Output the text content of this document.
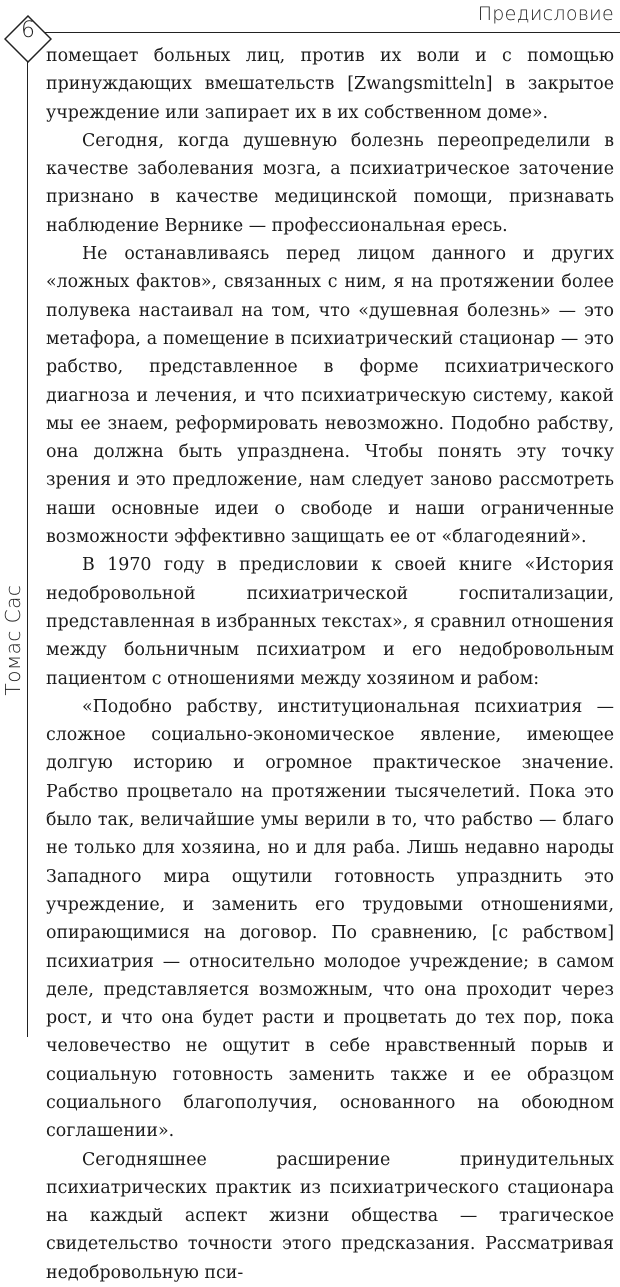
Предисловие
6
Томас Сас

помещает больных лиц, против их воли и с помощью принуждающих вмешательств [Zwangsmitteln] в закрытое учреждение или запирает их в их собственном доме».

Сегодня, когда душевную болезнь переопределили в качестве заболевания мозга, а психиатрическое заточение признано в качестве медицинской помощи, признавать наблюдение Вернике — профессиональная ересь.

Не останавливаясь перед лицом данного и других «ложных фактов», связанных с ним, я на протяжении более полувека настаивал на том, что «душевная болезнь» — это метафора, а помещение в психиатрический стационар — это рабство, представленное в форме психиатрического диагноза и лечения, и что психиатрическую систему, какой мы ее знаем, реформировать невозможно. Подобно рабству, она должна быть упразднена. Чтобы понять эту точку зрения и это предложение, нам следует заново рассмотреть наши основные идеи о свободе и наши ограниченные возможности эффективно защищать ее от «благодеяний».

В 1970 году в предисловии к своей книге «История недобровольной психиатрической госпитализации, представленная в избранных текстах», я сравнил отношения между больничным психиатром и его недобровольным пациентом с отношениями между хозяином и рабом:

«Подобно рабству, институциональная психиатрия — сложное социально-экономическое явление, имеющее долгую историю и огромное практическое значение. Рабство процветало на протяжении тысячелетий. Пока это было так, величайшие умы верили в то, что рабство — благо не только для хозяина, но и для раба. Лишь недавно народы Западного мира ощутили готовность упразднить это учреждение, и заменить его трудовыми отношениями, опирающимися на договор. По сравнению, [с рабством] психиатрия — относительно молодое учреждение; в самом деле, представляется возможным, что она проходит через рост, и что она будет расти и процветать до тех пор, пока человечество не ощутит в себе нравственный порыв и социальную готовность заменить также и ее образцом социального благополучия, основанного на обоюдном соглашении».

Сегодняшнее расширение принудительных психиатрических практик из психиатрического стационара на каждый аспект жизни общества — трагическое свидетельство точности этого предсказания. Рассматривая недобровольную пси-
